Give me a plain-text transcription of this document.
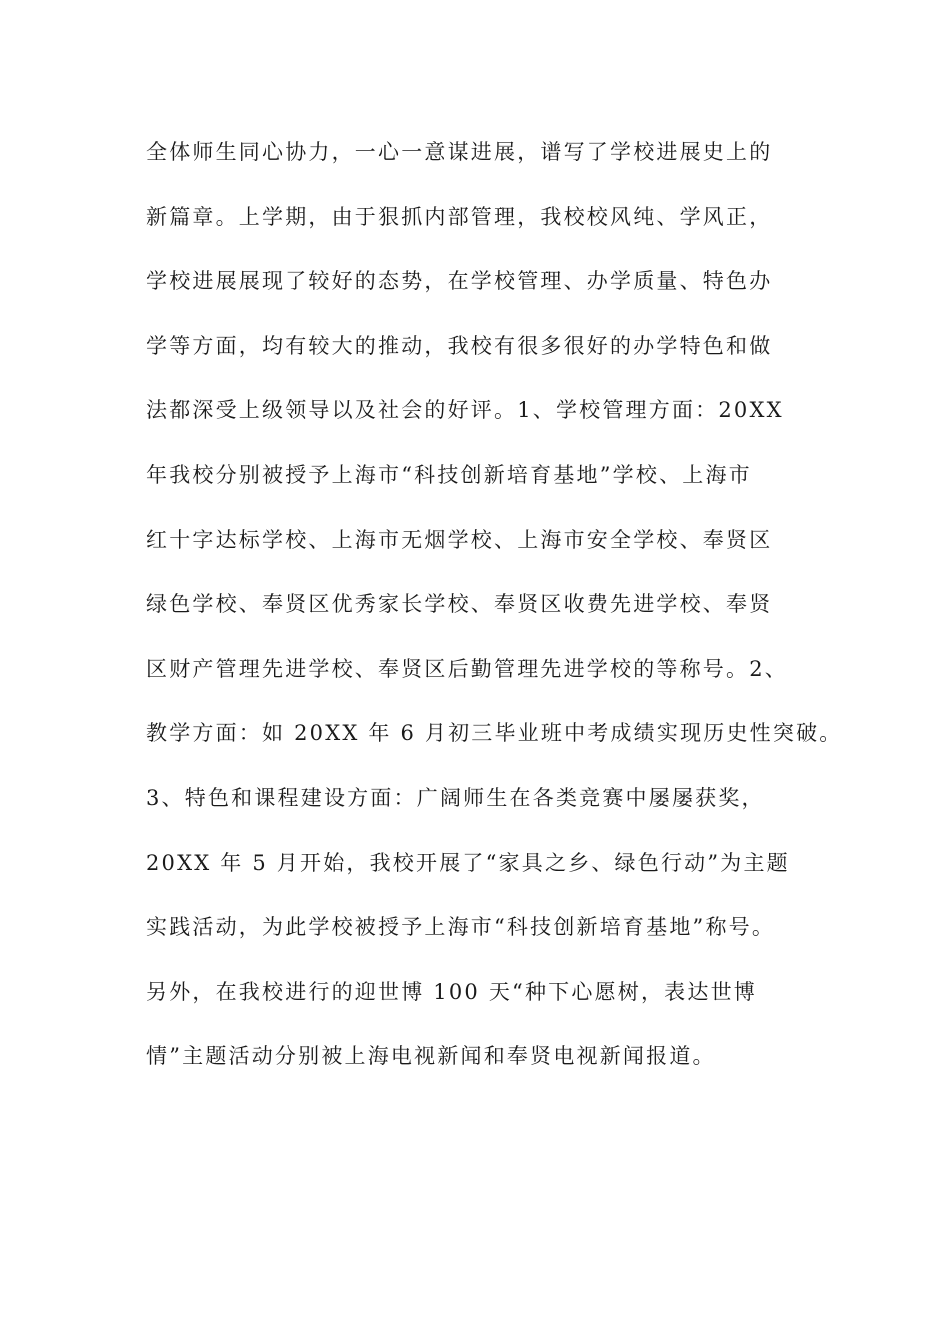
全体师生同心协力，一心一意谋进展，谱写了学校进展史上的
新篇章。上学期，由于狠抓内部管理，我校校风纯、学风正，
学校进展展现了较好的态势，在学校管理、办学质量、特色办
学等方面，均有较大的推动，我校有很多很好的办学特色和做
法都深受上级领导以及社会的好评。1、学校管理方面：20XX
年我校分别被授予上海市“科技创新培育基地”学校、上海市
红十字达标学校、上海市无烟学校、上海市安全学校、奉贤区
绿色学校、奉贤区优秀家长学校、奉贤区收费先进学校、奉贤
区财产管理先进学校、奉贤区后勤管理先进学校的等称号。2、
教学方面：如 20XX 年 6 月初三毕业班中考成绩实现历史性突破。
3、特色和课程建设方面：广阔师生在各类竞赛中屡屡获奖，
20XX 年 5 月开始，我校开展了“家具之乡、绿色行动”为主题
实践活动，为此学校被授予上海市“科技创新培育基地”称号。
另外，在我校进行的迎世博 100 天“种下心愿树，表达世博
情”主题活动分别被上海电视新闻和奉贤电视新闻报道。
